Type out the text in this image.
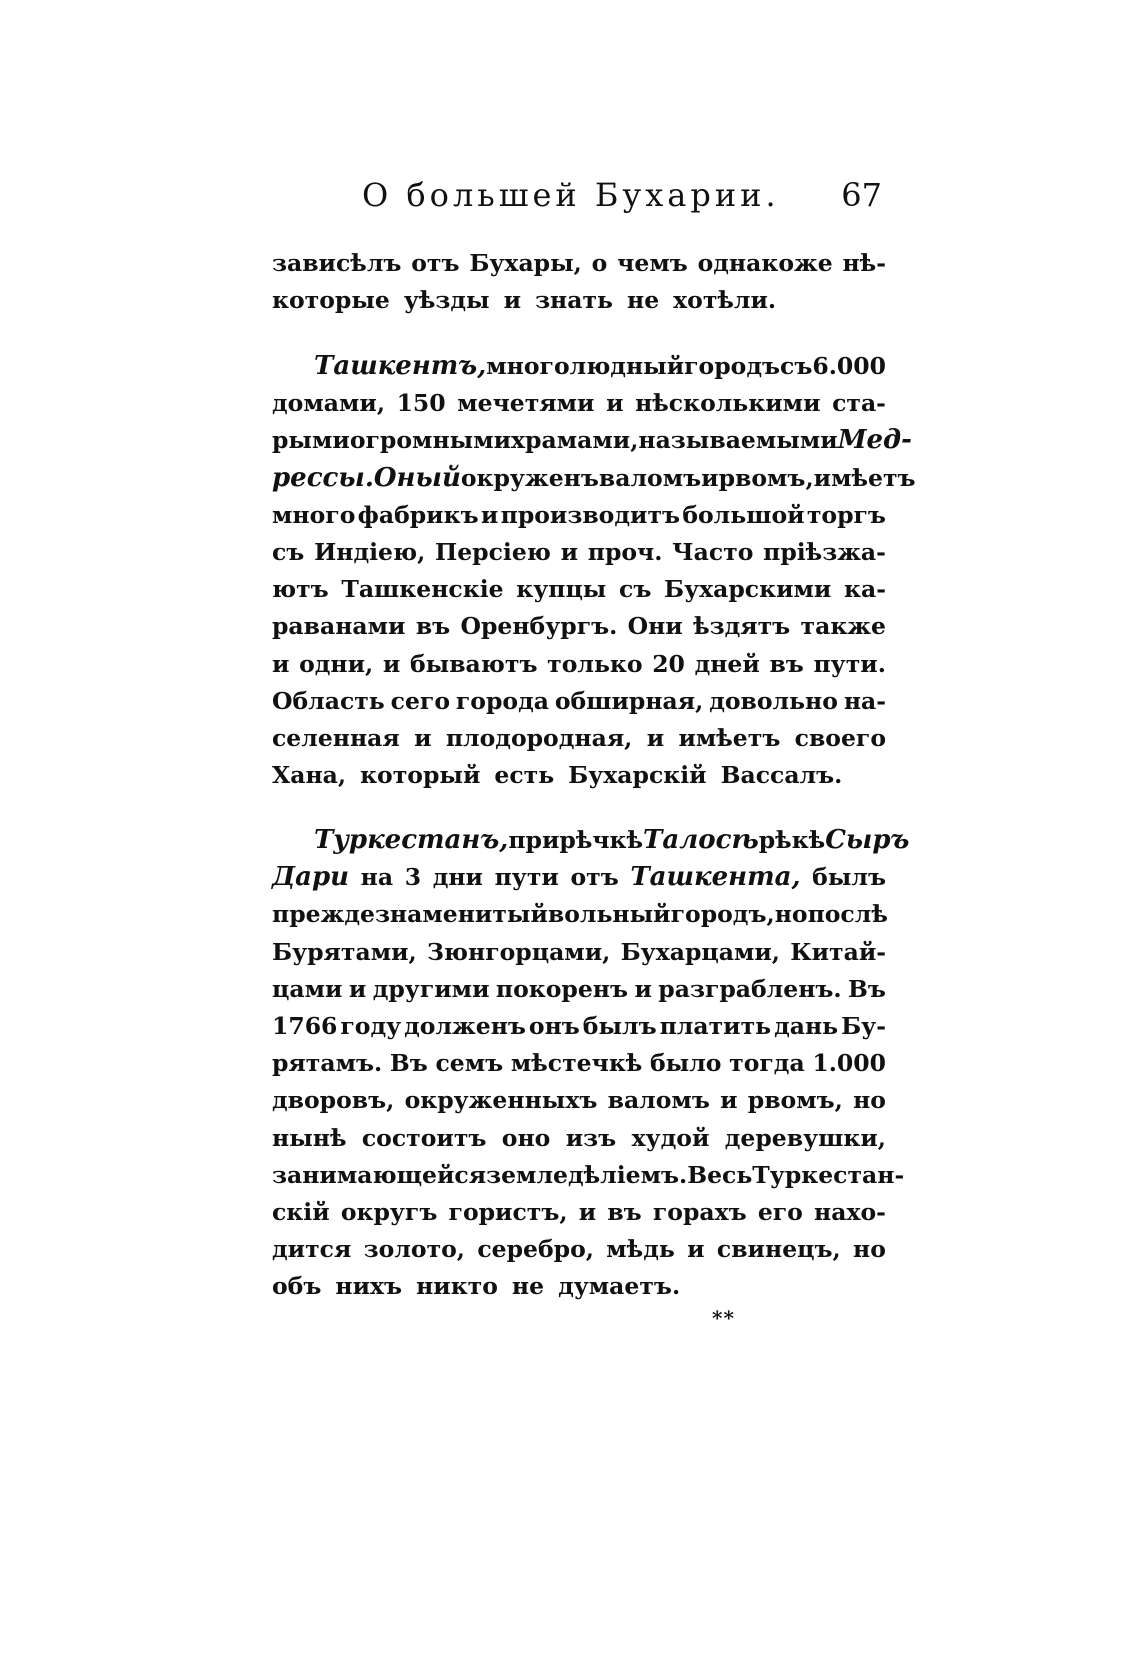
О большей Бухарии. 67
зависѣлъ отъ Бухары, о чемъ однакоже нѣ-
которые уѣзды и знать не хотѣли.
Ташкентъ, многолюдный городъ съ 6.000
домами, 150 мечетями и нѣсколькими ста-
рыми огромными храмами,называемыми Мед-
рессы.Оный окруженъ валомъ и рвомъ,имѣетъ
много фабрикъ и производитъ большой торгъ
съ Индіею, Персіею и проч. Часто пріѣзжа-
ютъ Ташкенскіе купцы съ Бухарскими ка-
раванами въ Оренбургъ. Они ѣздятъ также
и одни, и бываютъ только 20 дней въ пути.
Область сего города обширная, довольно на-
селенная и плодородная, и имѣетъ своего
Хана, который есть Бухарскій Вассалъ.
Туркестанъ, при рѣчкѣ Талосѣ рѣкѣ Сыръ
Дари на 3 дни пути отъ Ташкента, былъ
прежде знаменитый вольный городъ, но послѣ
Бурятами, Зюнгорцами, Бухарцами, Китай-
цами и другими покоренъ и разграбленъ. Въ
1766 году долженъ онъ былъ платить дань Бу-
рятамъ. Въ семъ мѣстечкѣ было тогда 1.000
дворовъ, окруженныхъ валомъ и рвомъ, но
нынѣ состоитъ оно изъ худой деревушки,
занимающейся земледѣліемъ. Весь Туркестан-
скій округъ гористъ, и въ горахъ его нахо-
дится золото, серебро, мѣдь и свинецъ, но
объ нихъ никто не думаетъ.
**
